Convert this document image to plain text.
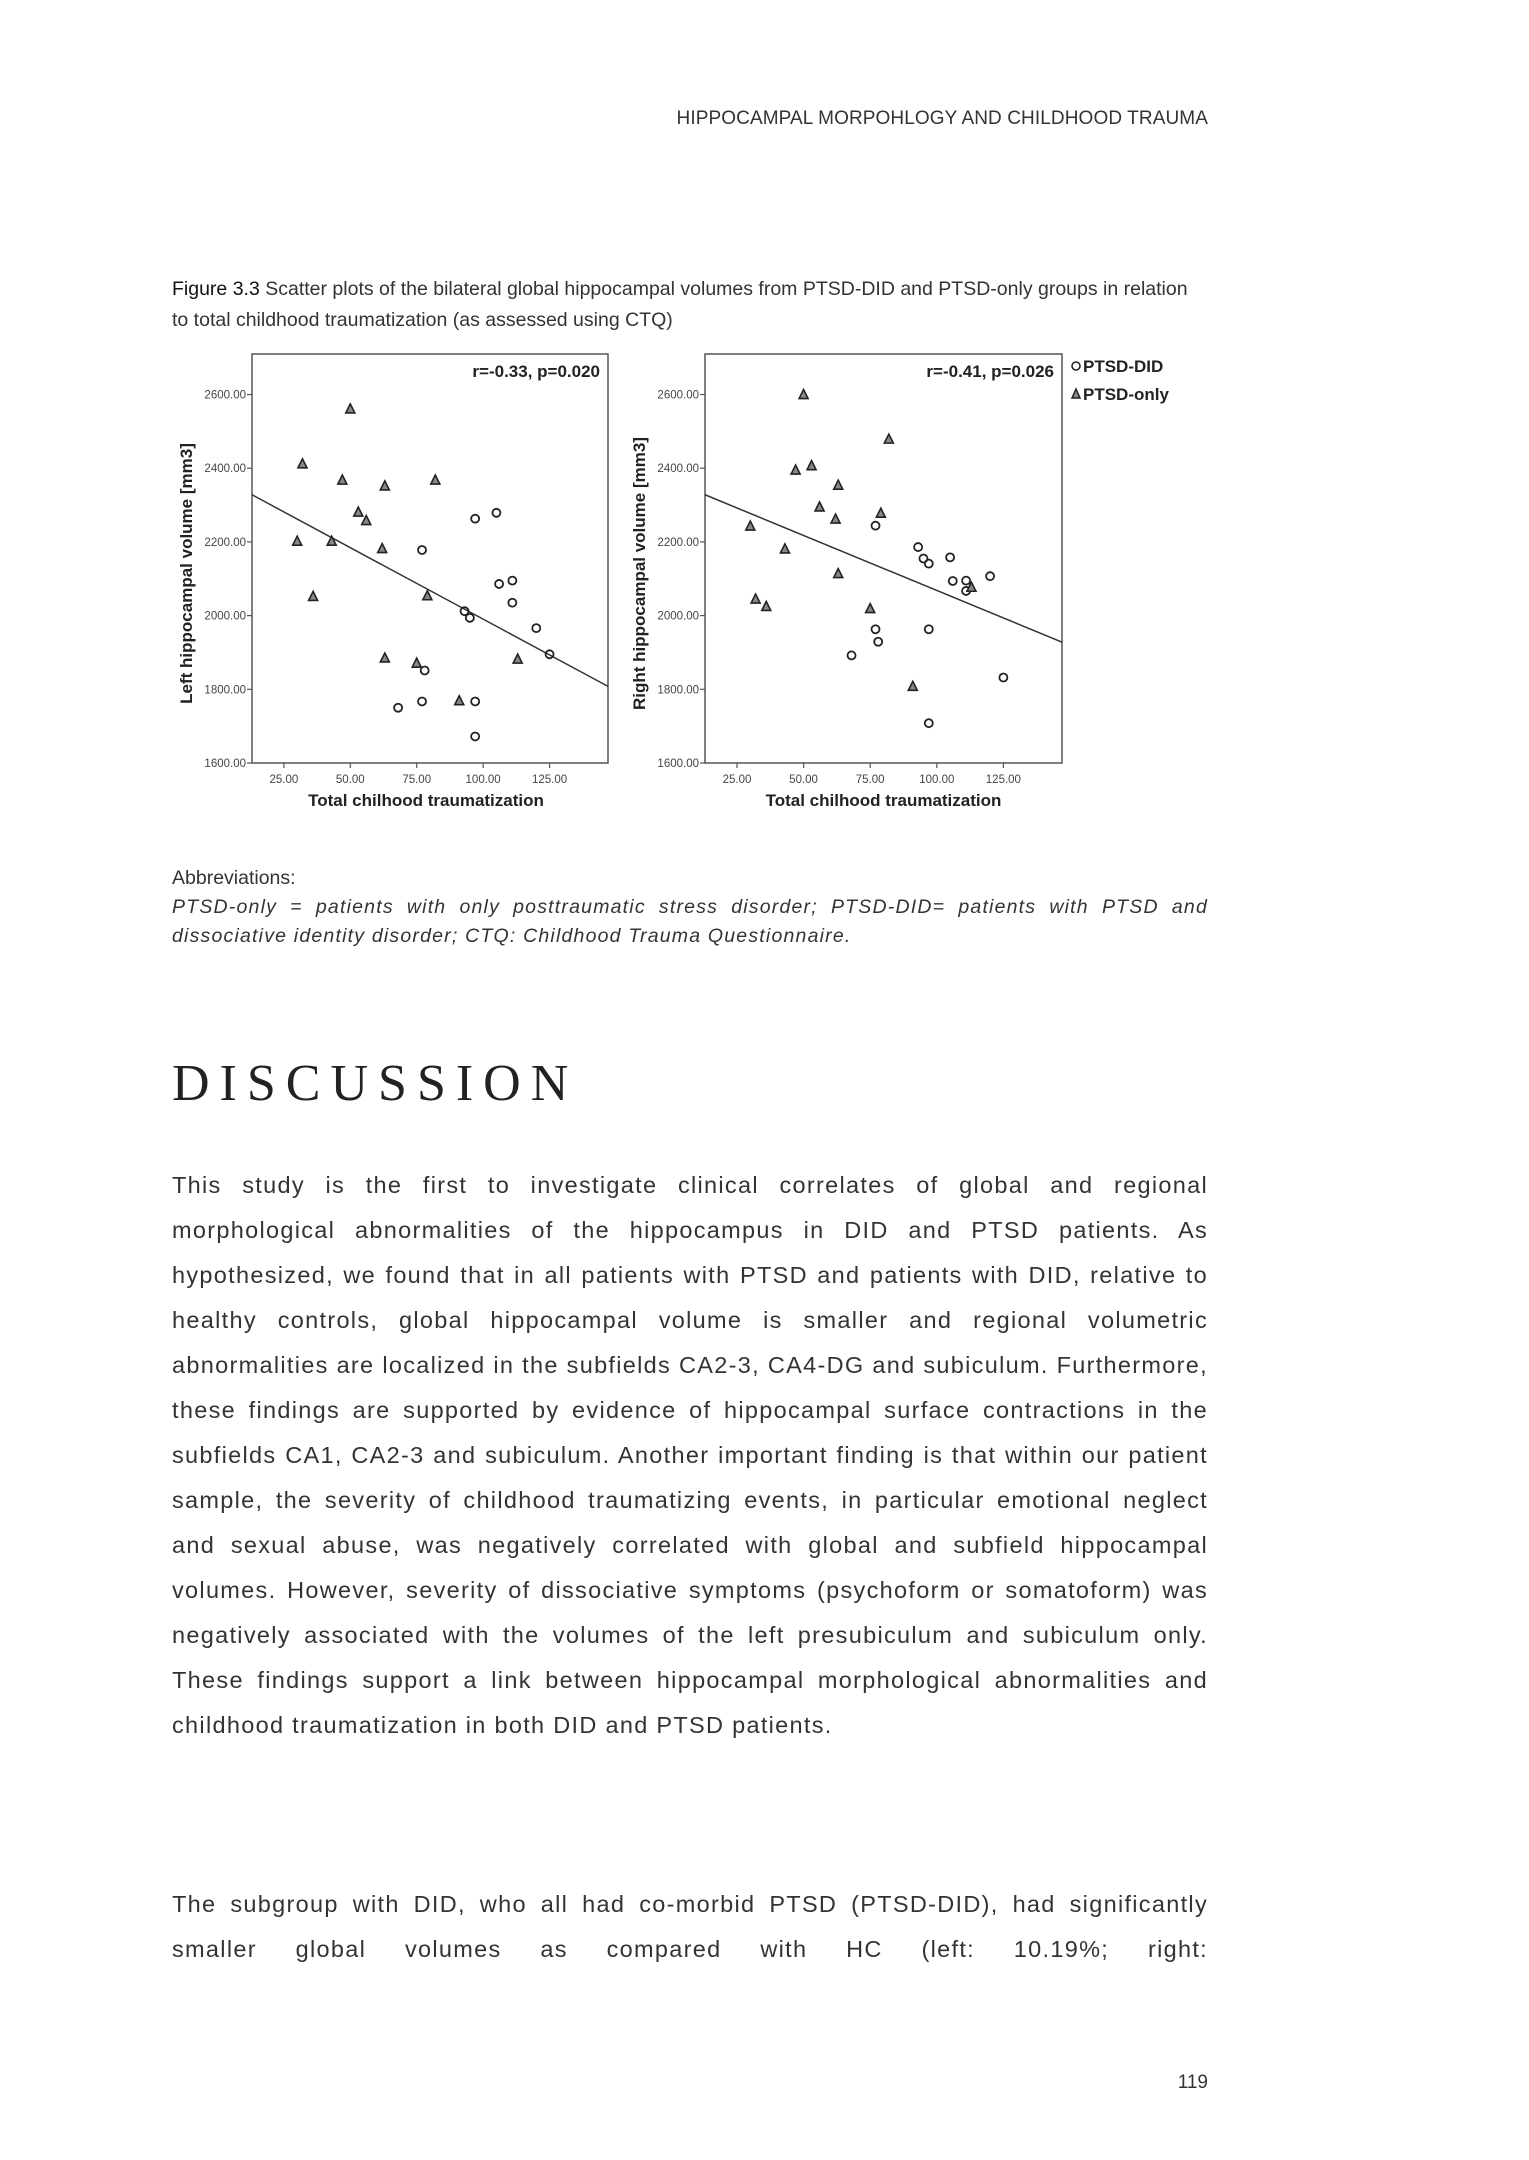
HIPPOCAMPAL MORPOHLOGY AND CHILDHOOD TRAUMA
Figure 3.3 Scatter plots of the bilateral global hippocampal volumes from PTSD-DID and PTSD-only groups in relation to total childhood traumatization (as assessed using CTQ)
1600.00
1800.00
2000.00
2200.00
2400.00
2600.00
25.00	50.00	75.00	100.00	125.00
Total chilhood traumatization
Left hippocampal volume [mm3]
r=-0.33, p=0.020
1600.00
1800.00
2000.00
2200.00
2400.00
2600.00
25.00	50.00	75.00	100.00	125.00
Total chilhood traumatization
Right hippocampal volume [mm3]
r=-0.41, p=0.026 PTSD-DID
PTSD-only
Abbreviations:
PTSD-only = patients with only posttraumatic stress disorder; PTSD-DID= patients with PTSD and dissociative identity disorder; CTQ: Childhood Trauma Questionnaire.
DISCUSSION

This study is the first to investigate clinical correlates of global and regional morphological abnormalities of the hippocampus in DID and PTSD patients. As hypothesized, we found that in all patients with PTSD and patients with DID, relative to healthy controls, global hippocampal volume is smaller and regional volumetric abnormalities are localized in the subfields CA2-3, CA4-DG and subiculum. Furthermore, these findings are supported by evidence of hippocampal surface contractions in the subfields CA1, CA2-3 and subiculum. Another important finding is that within our patient sample, the severity of childhood traumatizing events, in particular emotional neglect and sexual abuse, was negatively correlated with global and subfield hippocampal volumes. However, severity of dissociative symptoms (psychoform or somatoform) was negatively associated with the volumes of the left presubiculum and subiculum only. These findings support a link between hippocampal morphological abnormalities and childhood traumatization in both DID and PTSD patients.

The subgroup with DID, who all had co-morbid PTSD (PTSD-DID), had significantly smaller global volumes as compared with HC (left: 10.19%; right:

119
